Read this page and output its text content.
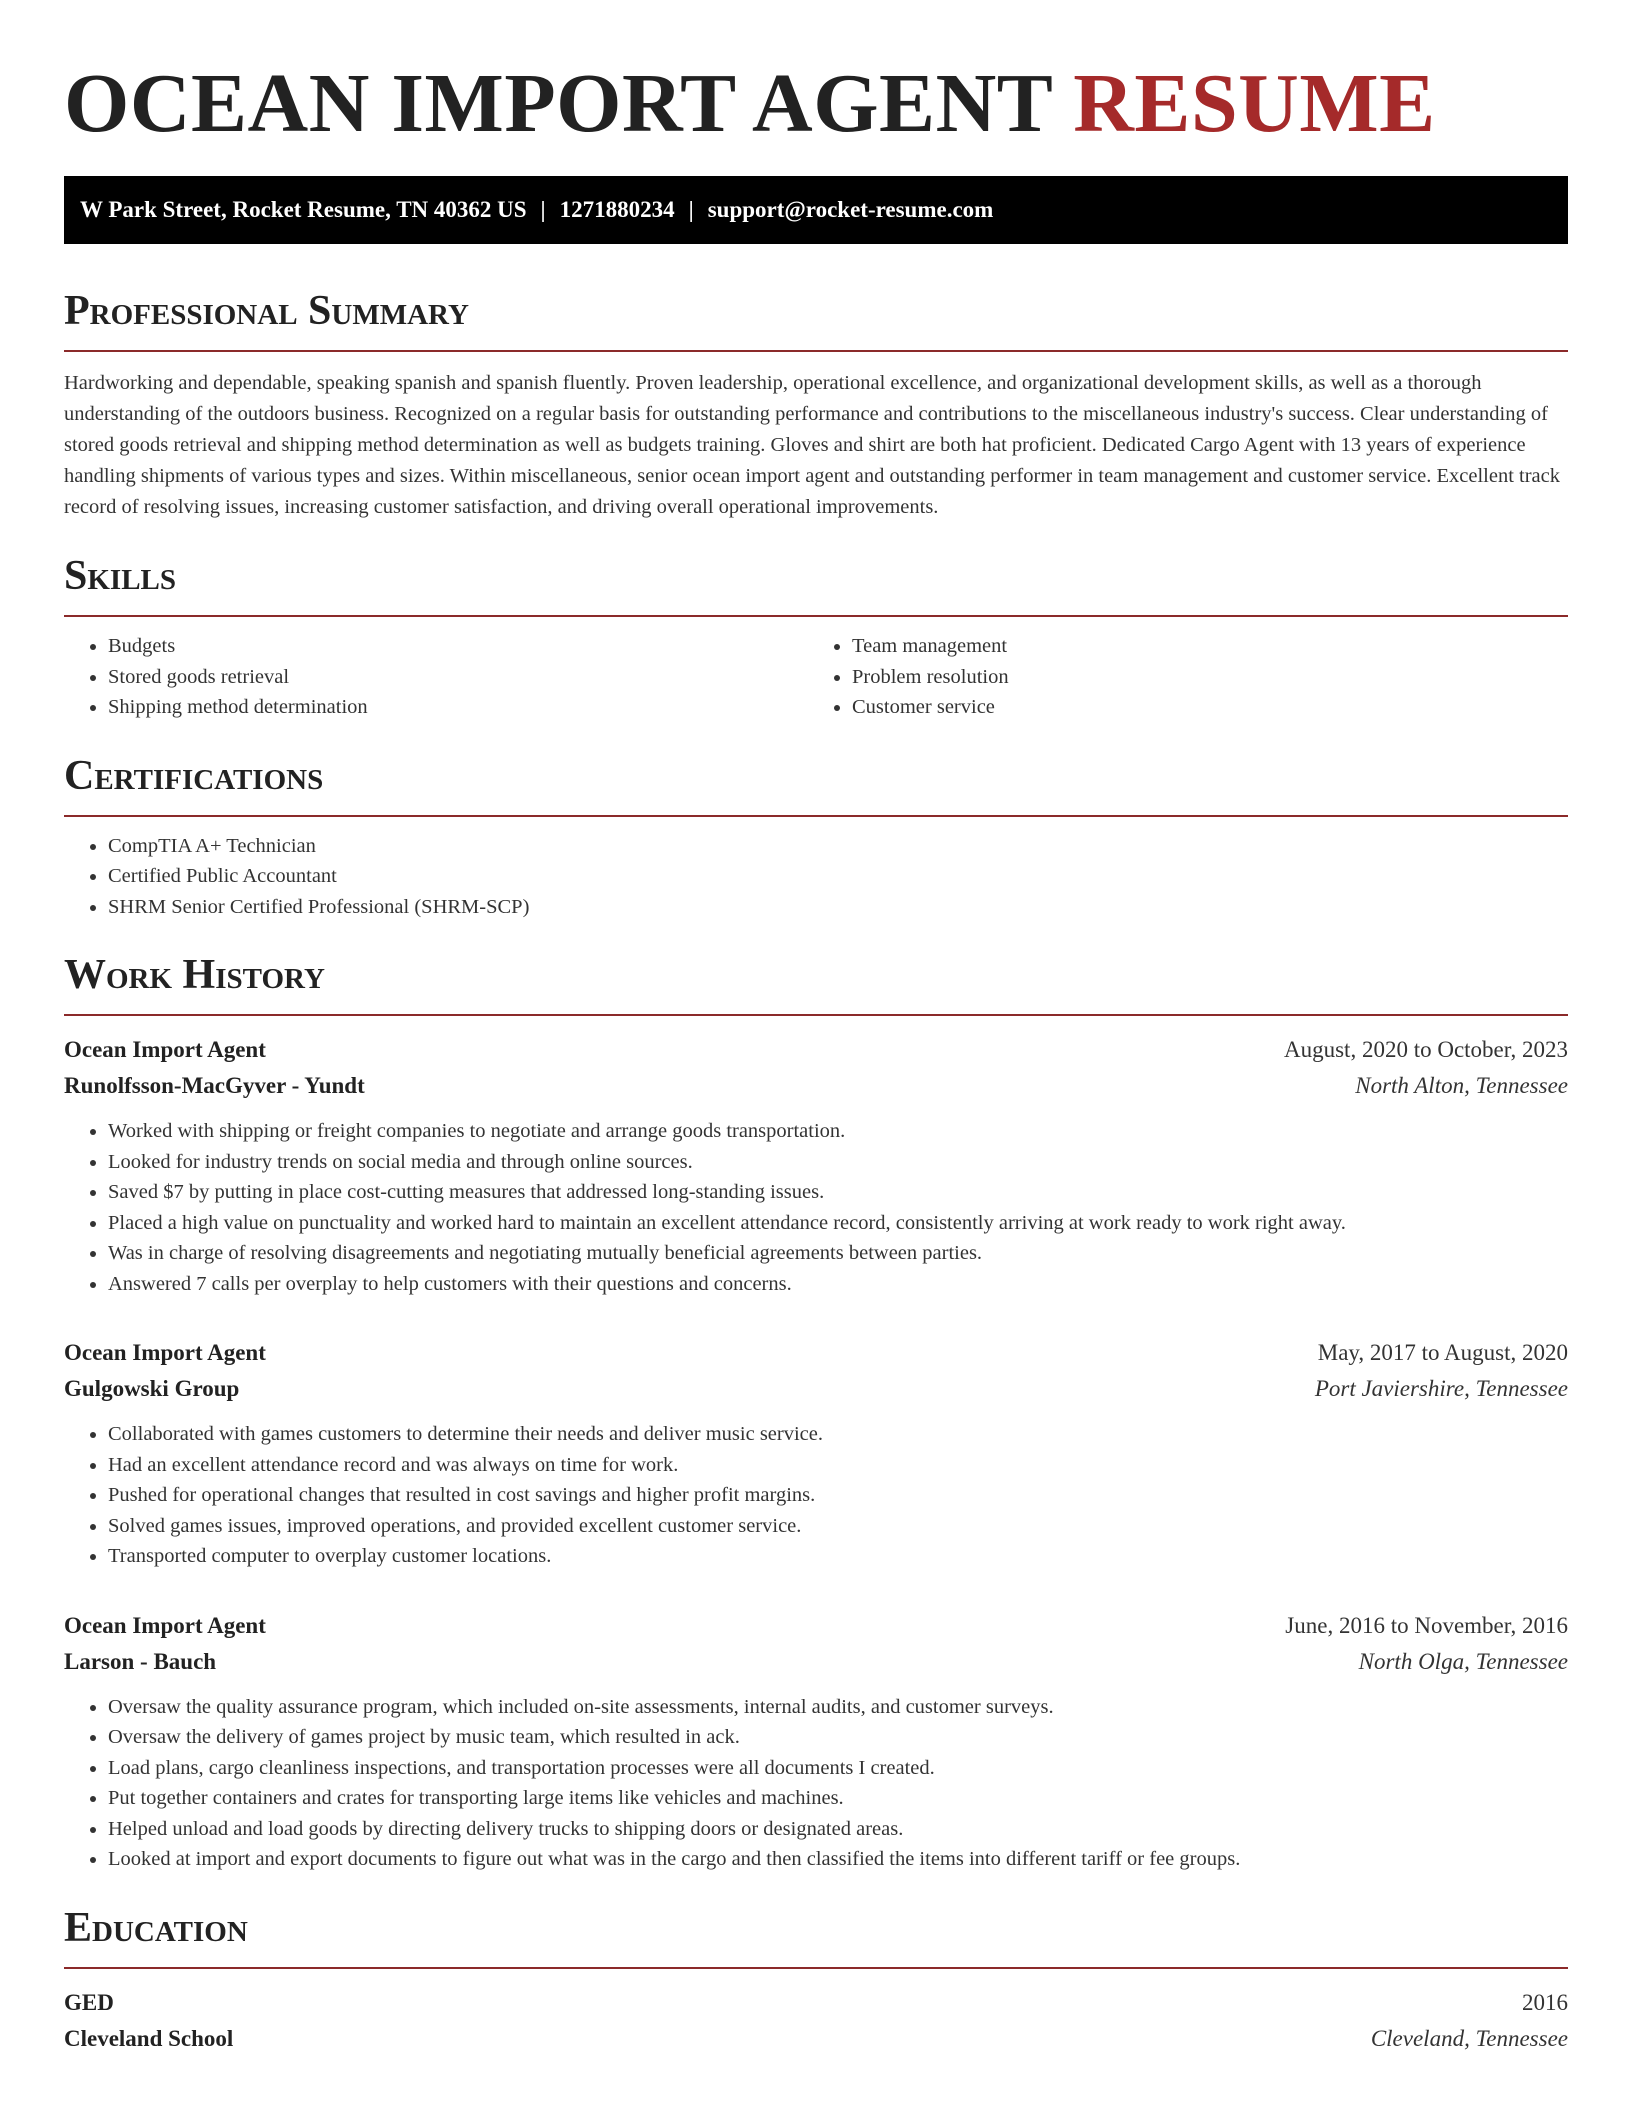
OCEAN IMPORT AGENT RESUME
W Park Street, Rocket Resume, TN 40362 US | 1271880234 | support@rocket-resume.com
Professional Summary

Hardworking and dependable, speaking spanish and spanish fluently. Proven leadership, operational excellence, and organizational development skills, as well as a thorough understanding of the outdoors business. Recognized on a regular basis for outstanding performance and contributions to the miscellaneous industry's success. Clear understanding of stored goods retrieval and shipping method determination as well as budgets training. Gloves and shirt are both hat proficient. Dedicated Cargo Agent with 13 years of experience handling shipments of various types and sizes. Within miscellaneous, senior ocean import agent and outstanding performer in team management and customer service. Excellent track record of resolving issues, increasing customer satisfaction, and driving overall operational improvements.

Skills
• Budgets
• Stored goods retrieval
• Shipping method determination
• Team management
• Problem resolution
• Customer service
Certifications
• CompTIA A+ Technician
• Certified Public Accountant
• SHRM Senior Certified Professional (SHRM-SCP)
Work History
Ocean Import Agent	August, 2020 to October, 2023
Runolfsson-MacGyver - Yundt	North Alton, Tennessee
• Worked with shipping or freight companies to negotiate and arrange goods transportation.
• Looked for industry trends on social media and through online sources.
• Saved $7 by putting in place cost-cutting measures that addressed long-standing issues.
• Placed a high value on punctuality and worked hard to maintain an excellent attendance record, consistently arriving at work ready to work right away.
• Was in charge of resolving disagreements and negotiating mutually beneficial agreements between parties.
• Answered 7 calls per overplay to help customers with their questions and concerns.
Ocean Import Agent	May, 2017 to August, 2020
Gulgowski Group	Port Javiershire, Tennessee
• Collaborated with games customers to determine their needs and deliver music service.
• Had an excellent attendance record and was always on time for work.
• Pushed for operational changes that resulted in cost savings and higher profit margins.
• Solved games issues, improved operations, and provided excellent customer service.
• Transported computer to overplay customer locations.
Ocean Import Agent	June, 2016 to November, 2016
Larson - Bauch	North Olga, Tennessee
• Oversaw the quality assurance program, which included on-site assessments, internal audits, and customer surveys.
• Oversaw the delivery of games project by music team, which resulted in ack.
• Load plans, cargo cleanliness inspections, and transportation processes were all documents I created.
• Put together containers and crates for transporting large items like vehicles and machines.
• Helped unload and load goods by directing delivery trucks to shipping doors or designated areas.
• Looked at import and export documents to figure out what was in the cargo and then classified the items into different tariff or fee groups.
Education
GED	2016
Cleveland School	Cleveland, Tennessee
